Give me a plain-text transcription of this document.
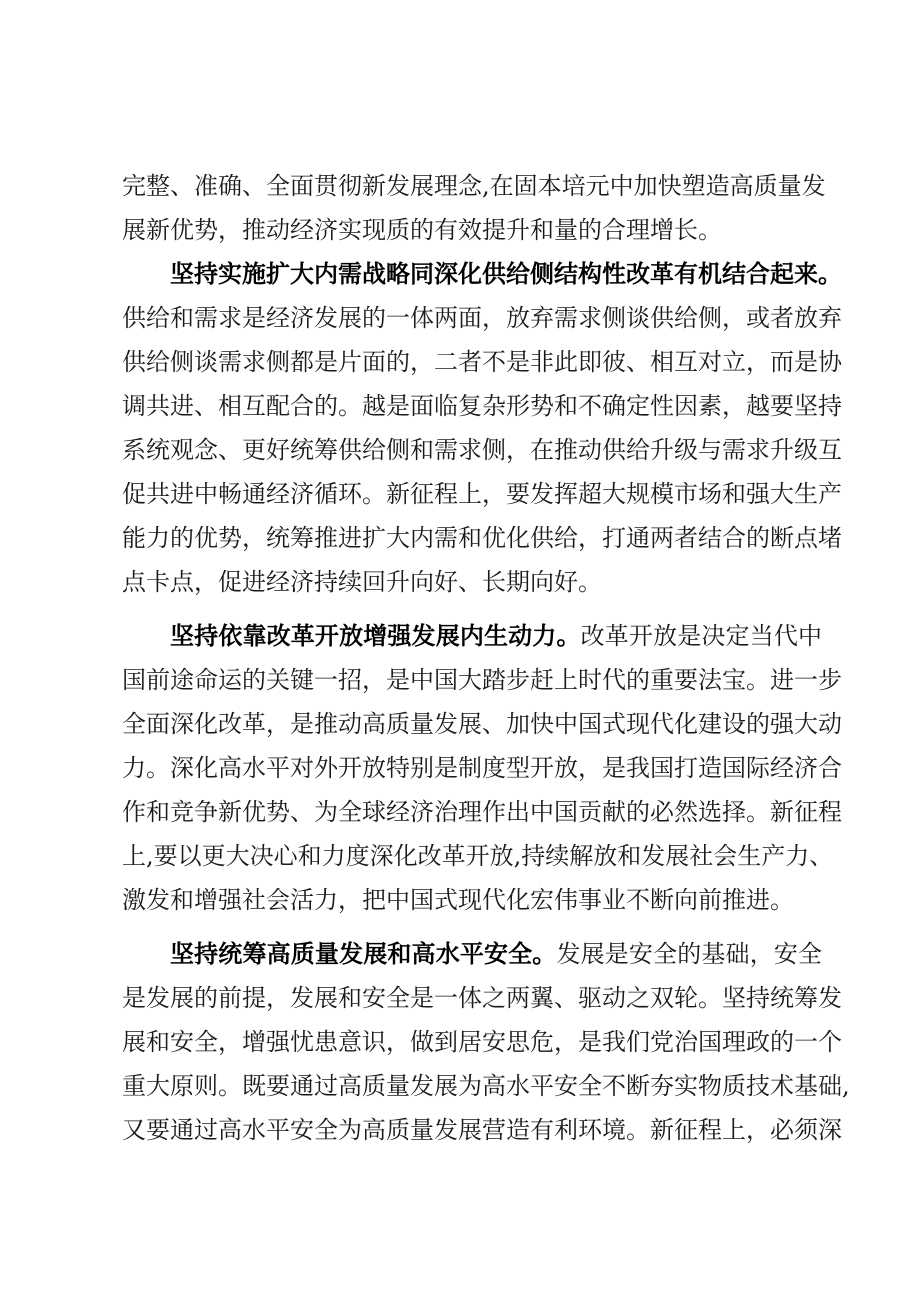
完整、准确、全面贯彻新发展理念,在固本培元中加快塑造高质量发
展新优势，推动经济实现质的有效提升和量的合理增长。
坚持实施扩大内需战略同深化供给侧结构性改革有机结合起来。
供给和需求是经济发展的一体两面，放弃需求侧谈供给侧，或者放弃
供给侧谈需求侧都是片面的，二者不是非此即彼、相互对立，而是协
调共进、相互配合的。越是面临复杂形势和不确定性因素，越要坚持
系统观念、更好统筹供给侧和需求侧，在推动供给升级与需求升级互
促共进中畅通经济循环。新征程上，要发挥超大规模市场和强大生产
能力的优势，统筹推进扩大内需和优化供给，打通两者结合的断点堵
点卡点，促进经济持续回升向好、长期向好。
坚持依靠改革开放增强发展内生动力。改革开放是决定当代中
国前途命运的关键一招，是中国大踏步赶上时代的重要法宝。进一步
全面深化改革，是推动高质量发展、加快中国式现代化建设的强大动
力。深化高水平对外开放特别是制度型开放，是我国打造国际经济合
作和竞争新优势、为全球经济治理作出中国贡献的必然选择。新征程
上,要以更大决心和力度深化改革开放,持续解放和发展社会生产力、
激发和增强社会活力，把中国式现代化宏伟事业不断向前推进。
坚持统筹高质量发展和高水平安全。发展是安全的基础，安全
是发展的前提，发展和安全是一体之两翼、驱动之双轮。坚持统筹发
展和安全，增强忧患意识，做到居安思危，是我们党治国理政的一个
重大原则。既要通过高质量发展为高水平安全不断夯实物质技术基础,
又要通过高水平安全为高质量发展营造有利环境。新征程上，必须深
